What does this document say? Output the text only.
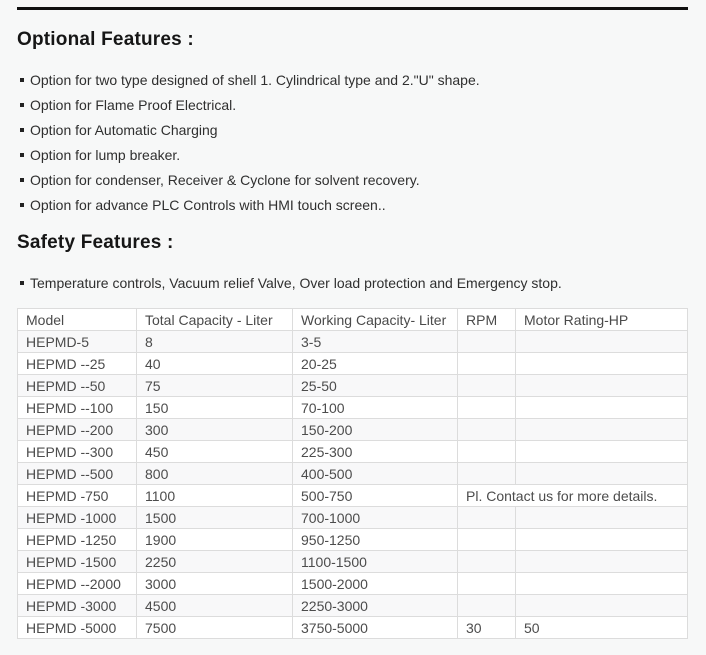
Optional Features :
Option for two type designed of shell 1. Cylindrical type and 2."U" shape.
Option for Flame Proof Electrical.
Option for Automatic Charging
Option for lump breaker.
Option for condenser, Receiver & Cyclone for solvent recovery.
Option for advance PLC Controls with HMI touch screen..
Safety Features :
Temperature controls, Vacuum relief Valve, Over load protection and Emergency stop.
Model	Total Capacity - Liter	Working Capacity- Liter	RPM	Motor Rating-HP
HEPMD-5	8	3-5		
HEPMD --25	40	20-25		
HEPMD --50	75	25-50		
HEPMD --100	150	70-100		
HEPMD --200	300	150-200		
HEPMD --300	450	225-300		
HEPMD --500	800	400-500		
HEPMD -750	1100	500-750	Pl. Contact us for more details.	
HEPMD -1000	1500	700-1000		
HEPMD -1250	1900	950-1250		
HEPMD -1500	2250	1100-1500		
HEPMD --2000	3000	1500-2000		
HEPMD -3000	4500	2250-3000		
HEPMD -5000	7500	3750-5000	30	50
